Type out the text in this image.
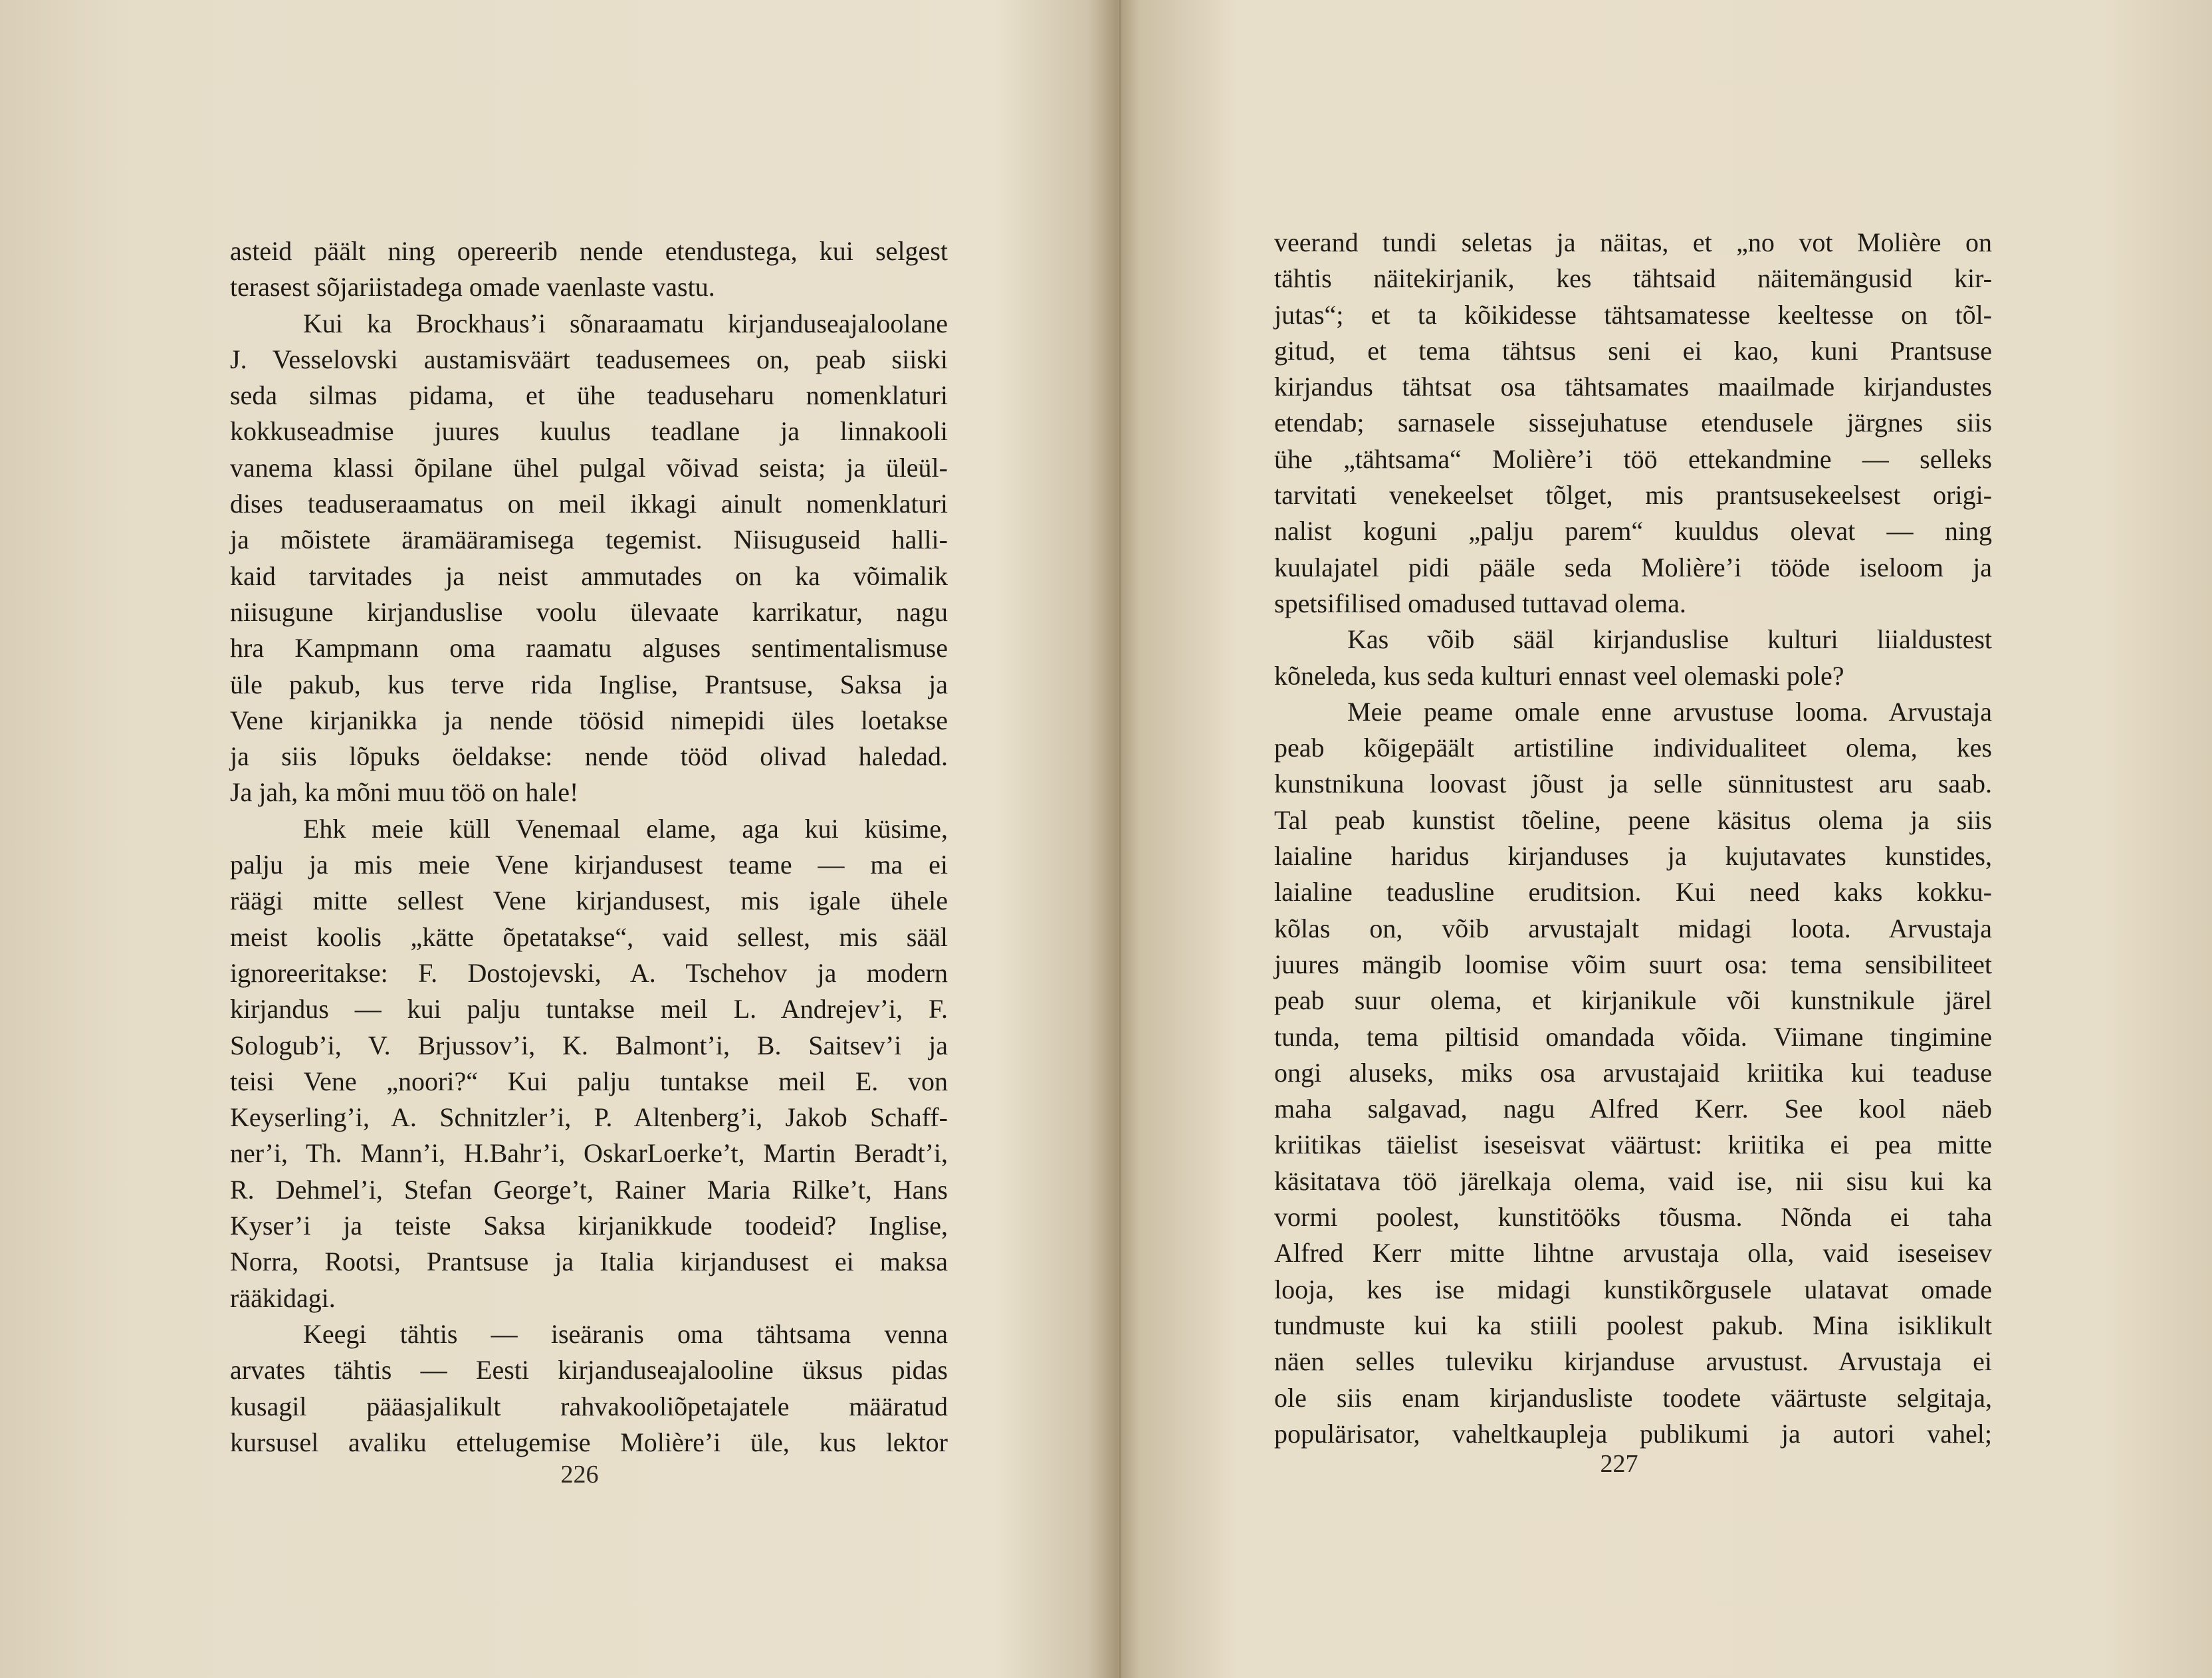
asteid päält ning opereerib nende etendustega, kui selgest
terasest sõjariistadega omade vaenlaste vastu.
Kui ka Brockhaus’i sõnaraamatu kirjanduseajaloolane
J. Vesselovski austamisväärt teadusemees on, peab siiski
seda silmas pidama, et ühe teaduseharu nomenklaturi
kokkuseadmise juures kuulus teadlane ja linnakooli
vanema klassi õpilane ühel pulgal võivad seista; ja üleül-
dises teaduseraamatus on meil ikkagi ainult nomenklaturi
ja mõistete äramääramisega tegemist. Niisuguseid halli-
kaid tarvitades ja neist ammutades on ka võimalik
niisugune kirjanduslise voolu ülevaate karrikatur, nagu
hra Kampmann oma raamatu alguses sentimentalismuse
üle pakub, kus terve rida Inglise, Prantsuse, Saksa ja
Vene kirjanikka ja nende töösid nimepidi üles loetakse
ja siis lõpuks öeldakse: nende tööd olivad haledad.
Ja jah, ka mõni muu töö on hale!
Ehk meie küll Venemaal elame, aga kui küsime,
palju ja mis meie Vene kirjandusest teame — ma ei
räägi mitte sellest Vene kirjandusest, mis igale ühele
meist koolis „kätte õpetatakse“, vaid sellest, mis sääl
ignoreeritakse: F. Dostojevski, A. Tschehov ja modern
kirjandus — kui palju tuntakse meil L. Andrejev’i, F.
Sologub’i, V. Brjussov’i, K. Balmont’i, B. Saitsev’i ja
teisi Vene „noori?“ Kui palju tuntakse meil E. von
Keyserling’i, A. Schnitzler’i, P. Altenberg’i, Jakob Schaff-
ner’i, Th. Mann’i, H.Bahr’i, OskarLoerke’t, Martin Beradt’i,
R. Dehmel’i, Stefan George’t, Rainer Maria Rilke’t, Hans
Kyser’i ja teiste Saksa kirjanikkude toodeid? Inglise,
Norra, Rootsi, Prantsuse ja Italia kirjandusest ei maksa
rääkidagi.
Keegi tähtis — iseäranis oma tähtsama venna
arvates tähtis — Eesti kirjanduseajalooline üksus pidas
kusagil pääasjalikult rahvakooliõpetajatele määratud
kursusel avaliku ettelugemise Molière’i üle, kus lektor
226
veerand tundi seletas ja näitas, et „no vot Molière on
tähtis näitekirjanik, kes tähtsaid näitemängusid kir-
jutas“; et ta kõikidesse tähtsamatesse keeltesse on tõl-
gitud, et tema tähtsus seni ei kao, kuni Prantsuse
kirjandus tähtsat osa tähtsamates maailmade kirjandustes
etendab; sarnasele sissejuhatuse etendusele järgnes siis
ühe „tähtsama“ Molière’i töö ettekandmine — selleks
tarvitati venekeelset tõlget, mis prantsusekeelsest origi-
nalist koguni „palju parem“ kuuldus olevat — ning
kuulajatel pidi pääle seda Molière’i tööde iseloom ja
spetsifilised omadused tuttavad olema.
Kas võib sääl kirjanduslise kulturi liialdustest
kõneleda, kus seda kulturi ennast veel olemaski pole?
Meie peame omale enne arvustuse looma. Arvustaja
peab kõigepäält artistiline individualiteet olema, kes
kunstnikuna loovast jõust ja selle sünnitustest aru saab.
Tal peab kunstist tõeline, peene käsitus olema ja siis
laialine haridus kirjanduses ja kujutavates kunstides,
laialine teadusline eruditsion. Kui need kaks kokku-
kõlas on, võib arvustajalt midagi loota. Arvustaja
juures mängib loomise võim suurt osa: tema sensibiliteet
peab suur olema, et kirjanikule või kunstnikule järel
tunda, tema piltisid omandada võida. Viimane tingimine
ongi aluseks, miks osa arvustajaid kriitika kui teaduse
maha salgavad, nagu Alfred Kerr. See kool näeb
kriitikas täielist iseseisvat väärtust: kriitika ei pea mitte
käsitatava töö järelkaja olema, vaid ise, nii sisu kui ka
vormi poolest, kunstitööks tõusma. Nõnda ei taha
Alfred Kerr mitte lihtne arvustaja olla, vaid iseseisev
looja, kes ise midagi kunstikõrgusele ulatavat omade
tundmuste kui ka stiili poolest pakub. Mina isiklikult
näen selles tuleviku kirjanduse arvustust. Arvustaja ei
ole siis enam kirjandusliste toodete väärtuste selgitaja,
populärisator, vaheltkaupleja publikumi ja autori vahel;
227
